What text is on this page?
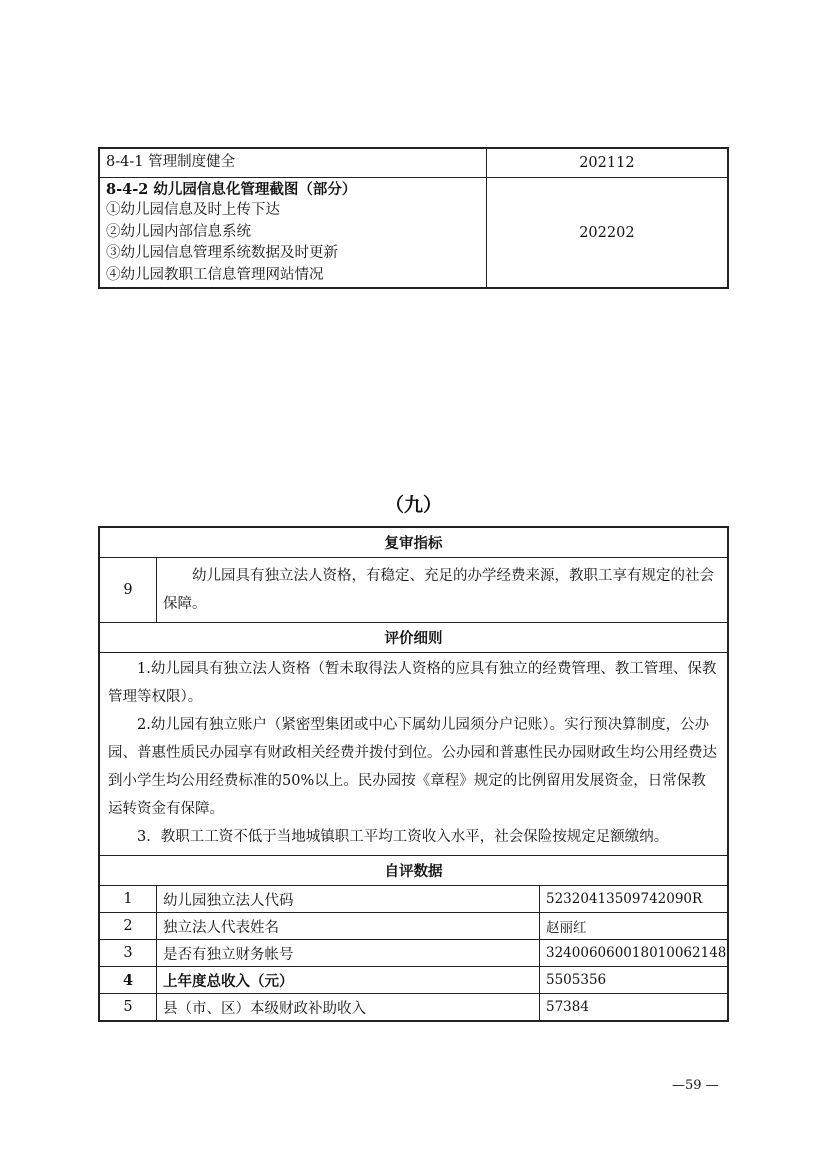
8-4-1 管理制度健全	202112

8-4-2 幼儿园信息化管理截图（部分）
①幼儿园信息及时上传下达
②幼儿园内部信息系统
③幼儿园信息管理系统数据及时更新
④幼儿园教职工信息管理网站情况	202202
（九）
复审指标		
9	幼儿园具有独立法人资格，有稳定、充足的办学经费来源，教职工享有规定的社会保障。	
评价细则		

1.幼儿园具有独立法人资格（暂未取得法人资格的应具有独立的经费管理、教工管理、保教管理等权限）。

2.幼儿园有独立账户（紧密型集团或中心下属幼儿园须分户记账）。实行预决算制度，公办园、普惠性质民办园享有财政相关经费并拨付到位。公办园和普惠性民办园财政生均公用经费达到小学生均公用经费标准的50%以上。民办园按《章程》规定的比例留用发展资金，日常保教运转资金有保障。

3．教职工工资不低于当地城镇职工平均工资收入水平，社会保险按规定足额缴纳。		

自评数据		
1	幼儿园独立法人代码	52320413509742090R
2	独立法人代表姓名	赵丽红
3	是否有独立财务帐号	324006060018010062148
4	上年度总收入（元）	5505356
5	县（市、区）本级财政补助收入	57384
—59 —
